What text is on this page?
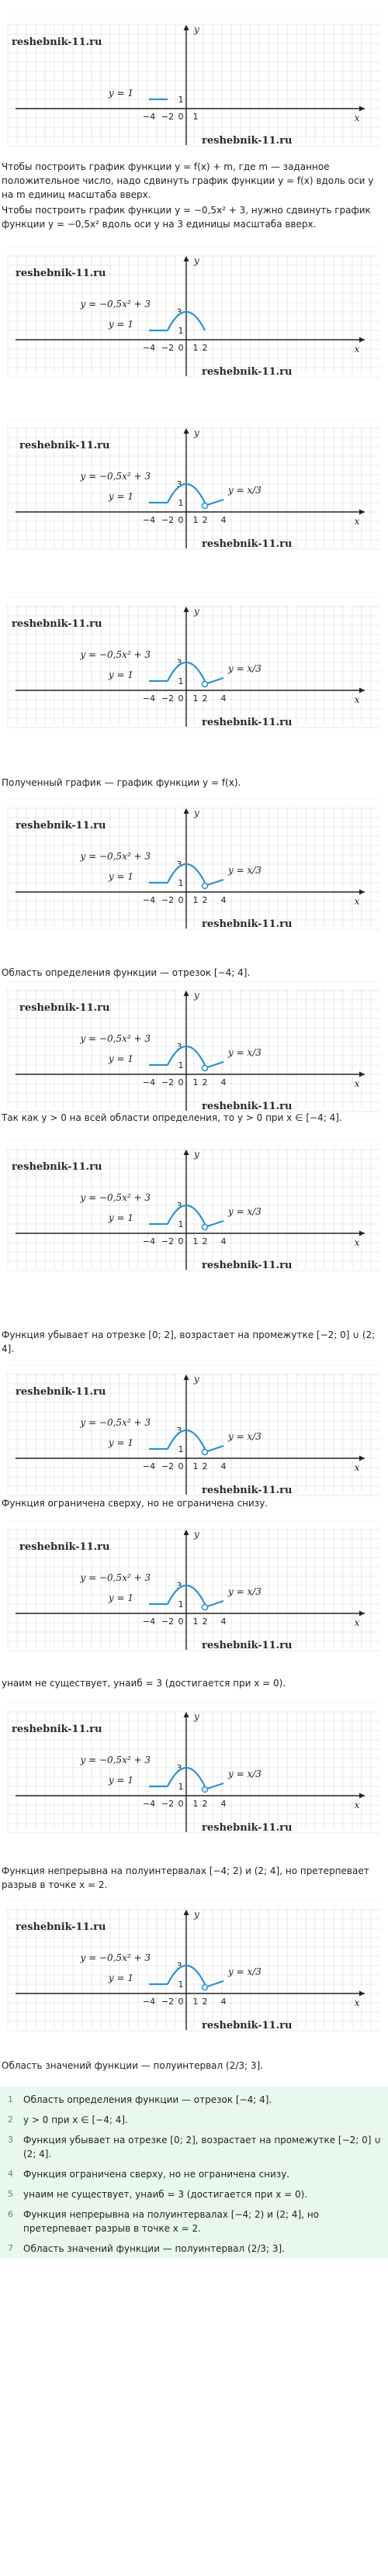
x
y
−4 −2 0 1
1
y = 1
reshebnik-11.ru
reshebnik-11.ru
x
y
−4 −2 0 1
1
y = 1
2
3
y = −0,5x² + 3
reshebnik-11.ru
reshebnik-11.ru
x
y
−4 −2 0 1
1
y = 1
2
3
y = −0,5x² + 3
4
y = x/3
reshebnik-11.ru
reshebnik-11.ru
x
y
−4 −2 0 1
1
y = 1
2
3
y = −0,5x² + 3
4
y = x/3
reshebnik-11.ru
reshebnik-11.ru
x
y
−4 −2 0 1
1
y = 1
2
3
y = −0,5x² + 3
4
y = x/3
reshebnik-11.ru
reshebnik-11.ru
x
y
−4 −2 0 1
1
y = 1
2
3
y = −0,5x² + 3
4
y = x/3
reshebnik-11.ru
reshebnik-11.ru
x
y
−4 −2 0 1
1
y = 1
2
3
y = −0,5x² + 3
4
y = x/3
reshebnik-11.ru
reshebnik-11.ru
x
y
−4 −2 0 1
1
y = 1
2
3
y = −0,5x² + 3
4
y = x/3
reshebnik-11.ru
reshebnik-11.ru
x
y
−4 −2 0 1
1
y = 1
2
3
y = −0,5x² + 3
4
y = x/3
reshebnik-11.ru
reshebnik-11.ru
x
y
−4 −2 0 1
1
y = 1
2
3
y = −0,5x² + 3
4
y = x/3
reshebnik-11.ru
reshebnik-11.ru
x
y
−4 −2 0 1
1
y = 1
2
3
y = −0,5x² + 3
4
y = x/3
reshebnik-11.ru
reshebnik-11.ru
Чтобы построить график функции y = f(x) + m, где m — заданное положительное число, надо сдвинуть график функции y = f(x) вдоль оси y на m единиц масштаба вверх.
Чтобы построить график функции y = −0,5x² + 3, нужно сдвинуть график функции y = −0,5x² вдоль оси y на 3 единицы масштаба вверх.
Полученный график — график функции y = f(x).
Область определения функции — отрезок [−4; 4].
Так как y > 0 на всей области определения, то y > 0 при x ∈ [−4; 4].
Функция убывает на отрезке [0; 2], возрастает на промежутке [−2; 0] ∪ (2; 4].
Функция ограничена сверху, но не ограничена снизу.
yнаим не существует, yнаиб = 3 (достигается при x = 0).
Функция непрерывна на полуинтервалах [−4; 2) и (2; 4], но претерпевает разрыв в точке x = 2.
Область значений функции — полуинтервал (2/3; 3].
1 Область определения функции — отрезок [−4; 4].
2 y > 0 при x ∈ [−4; 4].
3 Функция убывает на отрезке [0; 2], возрастает на промежутке [−2; 0] ∪ (2; 4].
4 Функция ограничена сверху, но не ограничена снизу.
5 yнаим не существует, yнаиб = 3 (достигается при x = 0).
6 Функция непрерывна на полуинтервалах [−4; 2) и (2; 4], но претерпевает разрыв в точке x = 2.
7 Область значений функции — полуинтервал (2/3; 3].
